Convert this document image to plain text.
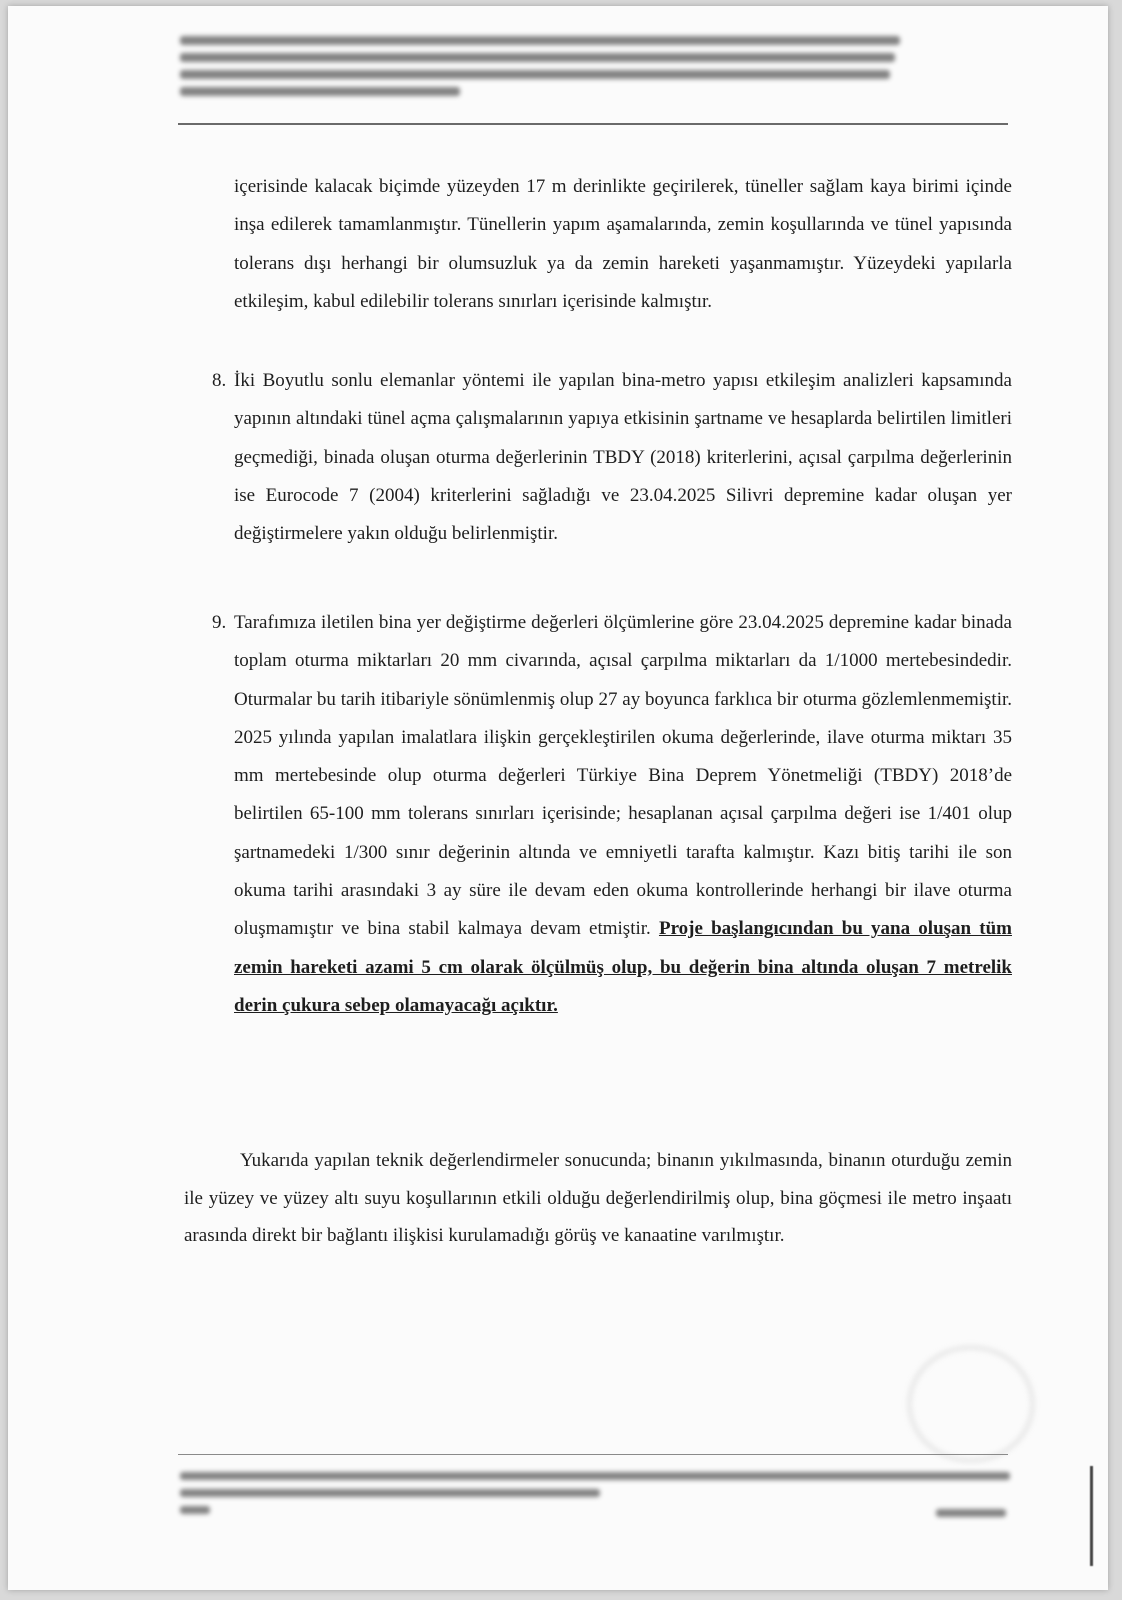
içerisinde kalacak biçimde yüzeyden 17 m derinlikte geçirilerek, tüneller sağlam kaya birimi içinde inşa edilerek tamamlanmıştır. Tünellerin yapım aşamalarında, zemin koşullarında ve tünel yapısında tolerans dışı herhangi bir olumsuzluk ya da zemin hareketi yaşanmamıştır. Yüzeydeki yapılarla etkileşim, kabul edilebilir tolerans sınırları içerisinde kalmıştır.

8. İki Boyutlu sonlu elemanlar yöntemi ile yapılan bina-metro yapısı etkileşim analizleri kapsamında yapının altındaki tünel açma çalışmalarının yapıya etkisinin şartname ve hesaplarda belirtilen limitleri geçmediği, binada oluşan oturma değerlerinin TBDY (2018) kriterlerini, açısal çarpılma değerlerinin ise Eurocode 7 (2004) kriterlerini sağladığı ve 23.04.2025 Silivri depremine kadar oluşan yer değiştirmelere yakın olduğu belirlenmiştir.
9. Tarafımıza iletilen bina yer değiştirme değerleri ölçümlerine göre 23.04.2025 depremine kadar binada toplam oturma miktarları 20 mm civarında, açısal çarpılma miktarları da 1/1000 mertebesindedir. Oturmalar bu tarih itibariyle sönümlenmiş olup 27 ay boyunca farklıca bir oturma gözlemlenmemiştir. 2025 yılında yapılan imalatlara ilişkin gerçekleştirilen okuma değerlerinde, ilave oturma miktarı 35 mm mertebesinde olup oturma değerleri Türkiye Bina Deprem Yönetmeliği (TBDY) 2018’de belirtilen 65-100 mm tolerans sınırları içerisinde; hesaplanan açısal çarpılma değeri ise 1/401 olup şartnamedeki 1/300 sınır değerinin altında ve emniyetli tarafta kalmıştır. Kazı bitiş tarihi ile son okuma tarihi arasındaki 3 ay süre ile devam eden okuma kontrollerinde herhangi bir ilave oturma oluşmamıştır ve bina stabil kalmaya devam etmiştir. Proje başlangıcından bu yana oluşan tüm zemin hareketi azami 5 cm olarak ölçülmüş olup, bu değerin bina altında oluşan 7 metrelik derin çukura sebep olamayacağı açıktır.

Yukarıda yapılan teknik değerlendirmeler sonucunda; binanın yıkılmasında, binanın oturduğu zemin ile yüzey ve yüzey altı suyu koşullarının etkili olduğu değerlendirilmiş olup, bina göçmesi ile metro inşaatı arasında direkt bir bağlantı ilişkisi kurulamadığı görüş ve kanaatine varılmıştır.
